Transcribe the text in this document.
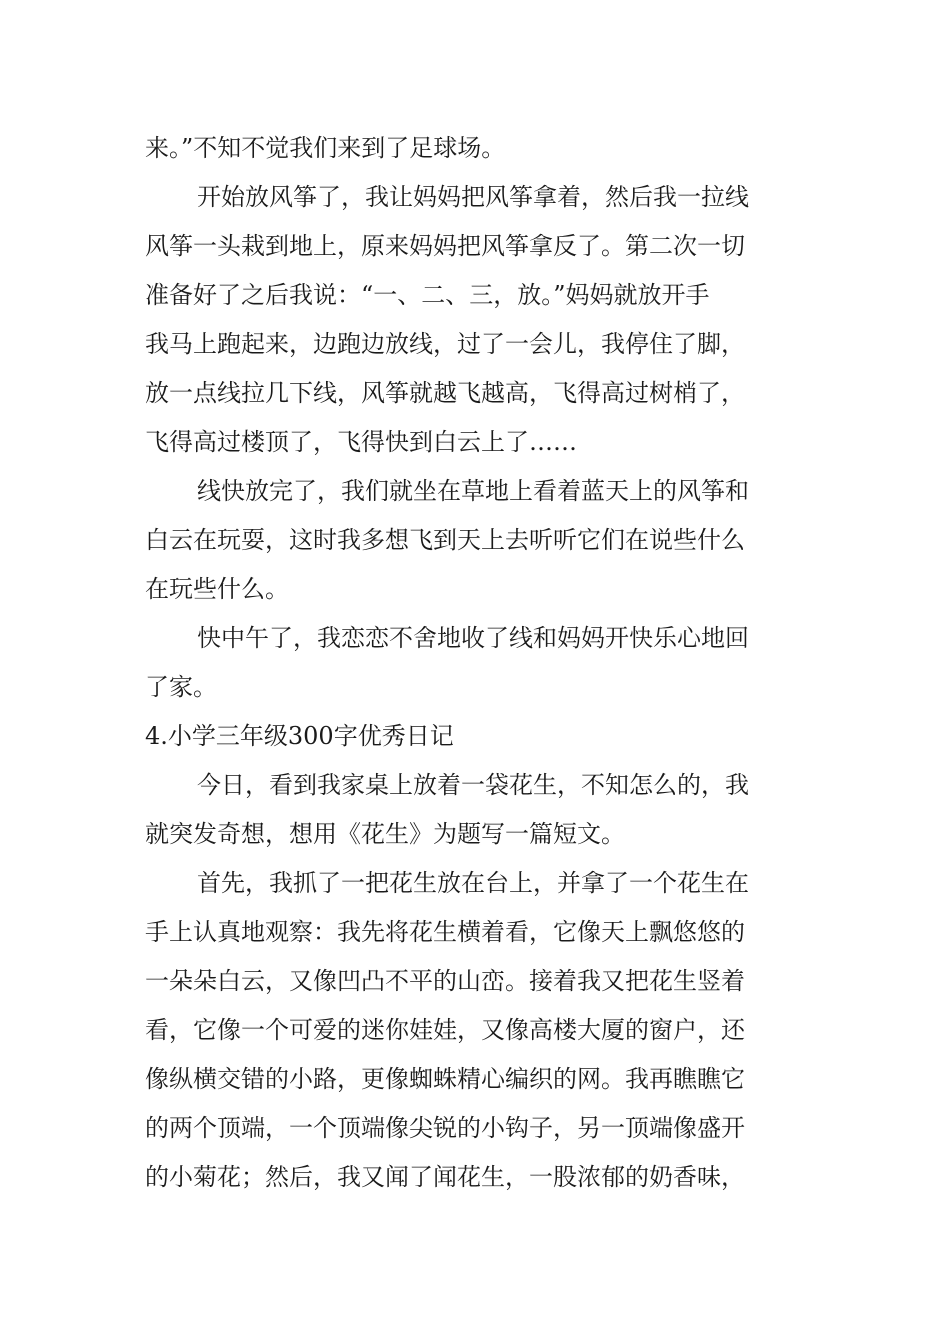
来。”不知不觉我们来到了足球场。
开始放风筝了，我让妈妈把风筝拿着，然后我一拉线
风筝一头栽到地上，原来妈妈把风筝拿反了。第二次一切
准备好了之后我说：“一、二、三，放。”妈妈就放开手
我马上跑起来，边跑边放线，过了一会儿，我停住了脚，
放一点线拉几下线，风筝就越飞越高，飞得高过树梢了，
飞得高过楼顶了，飞得快到白云上了……
线快放完了，我们就坐在草地上看着蓝天上的风筝和
白云在玩耍，这时我多想飞到天上去听听它们在说些什么
在玩些什么。
快中午了，我恋恋不舍地收了线和妈妈开快乐心地回
了家。
4.小学三年级300字优秀日记
今日，看到我家桌上放着一袋花生，不知怎么的，我
就突发奇想，想用《花生》为题写一篇短文。
首先，我抓了一把花生放在台上，并拿了一个花生在
手上认真地观察：我先将花生横着看，它像天上飘悠悠的
一朵朵白云，又像凹凸不平的山峦。接着我又把花生竖着
看，它像一个可爱的迷你娃娃，又像高楼大厦的窗户，还
像纵横交错的小路，更像蜘蛛精心编织的网。我再瞧瞧它
的两个顶端，一个顶端像尖锐的小钩子，另一顶端像盛开
的小菊花；然后，我又闻了闻花生，一股浓郁的奶香味，
